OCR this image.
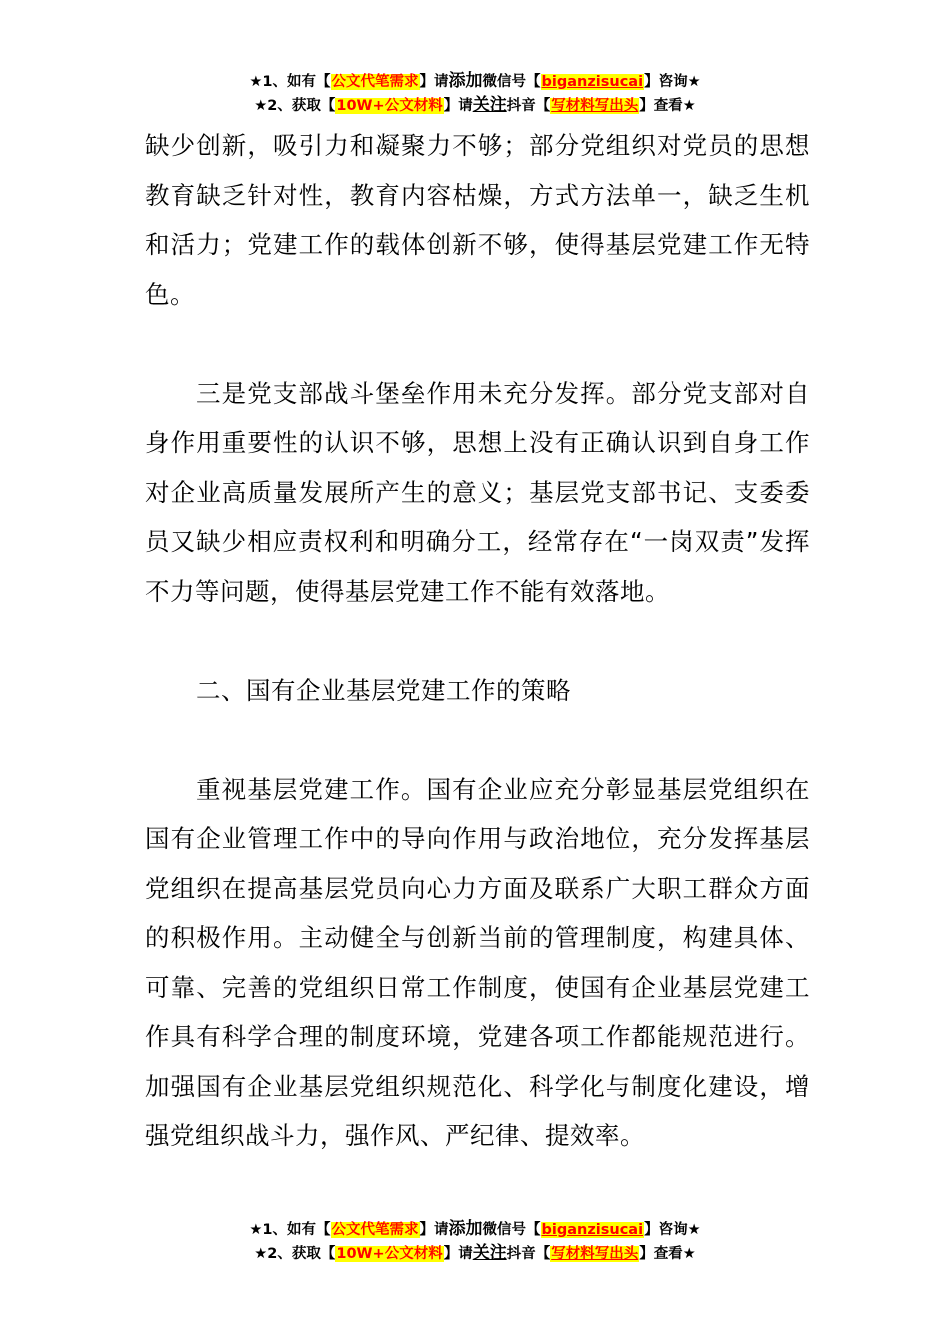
★1、如有【公文代笔需求】请添加微信号【biganzisucai】咨询★
★2、获取【10W+公文材料】请关注抖音【写材料写出头】查看★

缺少创新，吸引力和凝聚力不够；部分党组织对党员的思想教育缺乏针对性，教育内容枯燥，方式方法单一，缺乏生机和活力；党建工作的载体创新不够，使得基层党建工作无特色。

三是党支部战斗堡垒作用未充分发挥。部分党支部对自身作用重要性的认识不够，思想上没有正确认识到自身工作对企业高质量发展所产生的意义；基层党支部书记、支委委员又缺少相应责权利和明确分工，经常存在“一岗双责”发挥不力等问题，使得基层党建工作不能有效落地。

二、国有企业基层党建工作的策略

重视基层党建工作。国有企业应充分彰显基层党组织在国有企业管理工作中的导向作用与政治地位，充分发挥基层党组织在提高基层党员向心力方面及联系广大职工群众方面的积极作用。主动健全与创新当前的管理制度，构建具体、可靠、完善的党组织日常工作制度，使国有企业基层党建工作具有科学合理的制度环境，党建各项工作都能规范进行。加强国有企业基层党组织规范化、科学化与制度化建设，增强党组织战斗力，强作风、严纪律、提效率。

★1、如有【公文代笔需求】请添加微信号【biganzisucai】咨询★
★2、获取【10W+公文材料】请关注抖音【写材料写出头】查看★
